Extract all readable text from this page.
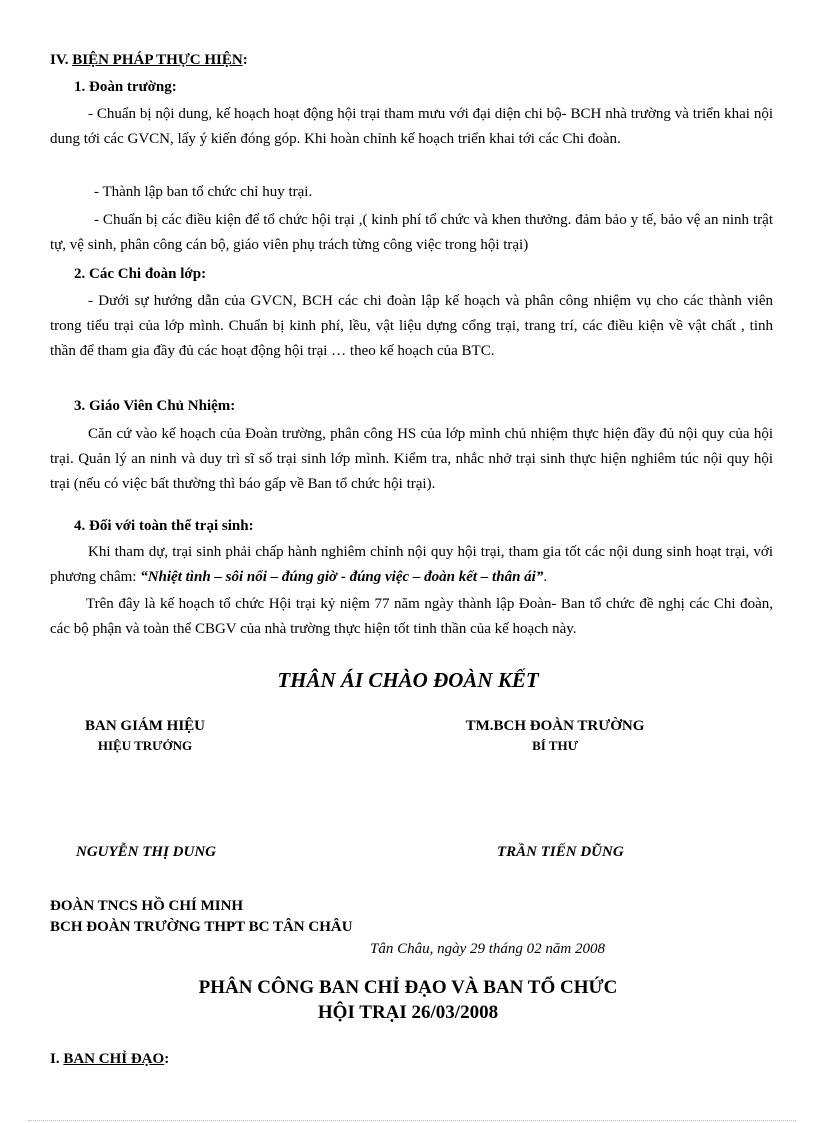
IV. BIỆN PHÁP THỰC HIỆN:
1. Đoàn trường:

- Chuẩn bị nội dung, kế hoạch hoạt động hội trại tham mưu với đại diện chi bộ- BCH nhà trường và triển khai nội dung tới các GVCN, lấy ý kiến đóng góp. Khi hoàn chỉnh kế hoạch triển khai tới các Chi đoàn.

- Thành lập ban tổ chức chỉ huy trại.

- Chuẩn bị các điều kiện để tổ chức hội trại ,( kinh phí tổ chức và khen thưởng. đảm bảo y tế, bảo vệ an ninh trật tự, vệ sinh, phân công cán bộ, giáo viên phụ trách từng công việc trong hội trại)

2. Các Chi đoàn lớp:

- Dưới sự hướng dẫn của GVCN, BCH các chi đoàn lập kế hoạch và phân công nhiệm vụ cho các thành viên trong tiểu trại của lớp mình. Chuẩn bị kinh phí, lều, vật liệu dựng cổng trại, trang trí, các điều kiện về vật chất , tinh thần để tham gia đầy đủ các hoạt động hội trại … theo kế hoạch của BTC.

3. Giáo Viên Chủ Nhiệm:

Căn cứ vào kế hoạch của Đoàn trường, phân công HS của lớp mình chủ nhiệm thực hiện đầy đủ nội quy của hội trại. Quản lý an ninh và duy trì sĩ số trại sinh lớp mình. Kiểm tra, nhắc nhở trại sinh thực hiện nghiêm túc nội quy hội trại (nếu có việc bất thường thì báo gấp về Ban tổ chức hội trại).

4. Đối với toàn thể trại sinh:

Khi tham dự, trại sinh phải chấp hành nghiêm chỉnh nội quy hội trại, tham gia tốt các nội dung sinh hoạt trại, với phương châm: “Nhiệt tình – sôi nổi – đúng giờ - đúng việc – đoàn kết – thân ái”.

Trên đây là kế hoạch tổ chức Hội trại kỷ niệm 77 năm ngày thành lập Đoàn- Ban tổ chức đề nghị các Chi đoàn, các bộ phận và toàn thể CBGV của nhà trường thực hiện tốt tinh thần của kế hoạch này.

THÂN ÁI CHÀO ĐOÀN KẾT
BAN GIÁM HIỆU
HIỆU TRƯỞNG
TM.BCH ĐOÀN TRƯỜNG
BÍ THƯ
NGUYỄN THỊ DUNG	TRẦN TIẾN DŨNG
ĐOÀN TNCS HỒ CHÍ MINH
BCH ĐOÀN TRƯỜNG THPT BC TÂN CHÂU
Tân Châu, ngày 29 tháng 02 năm 2008
PHÂN CÔNG BAN CHỈ ĐẠO VÀ BAN TỔ CHỨC
HỘI TRẠI 26/03/2008
I. BAN CHỈ ĐẠO:
